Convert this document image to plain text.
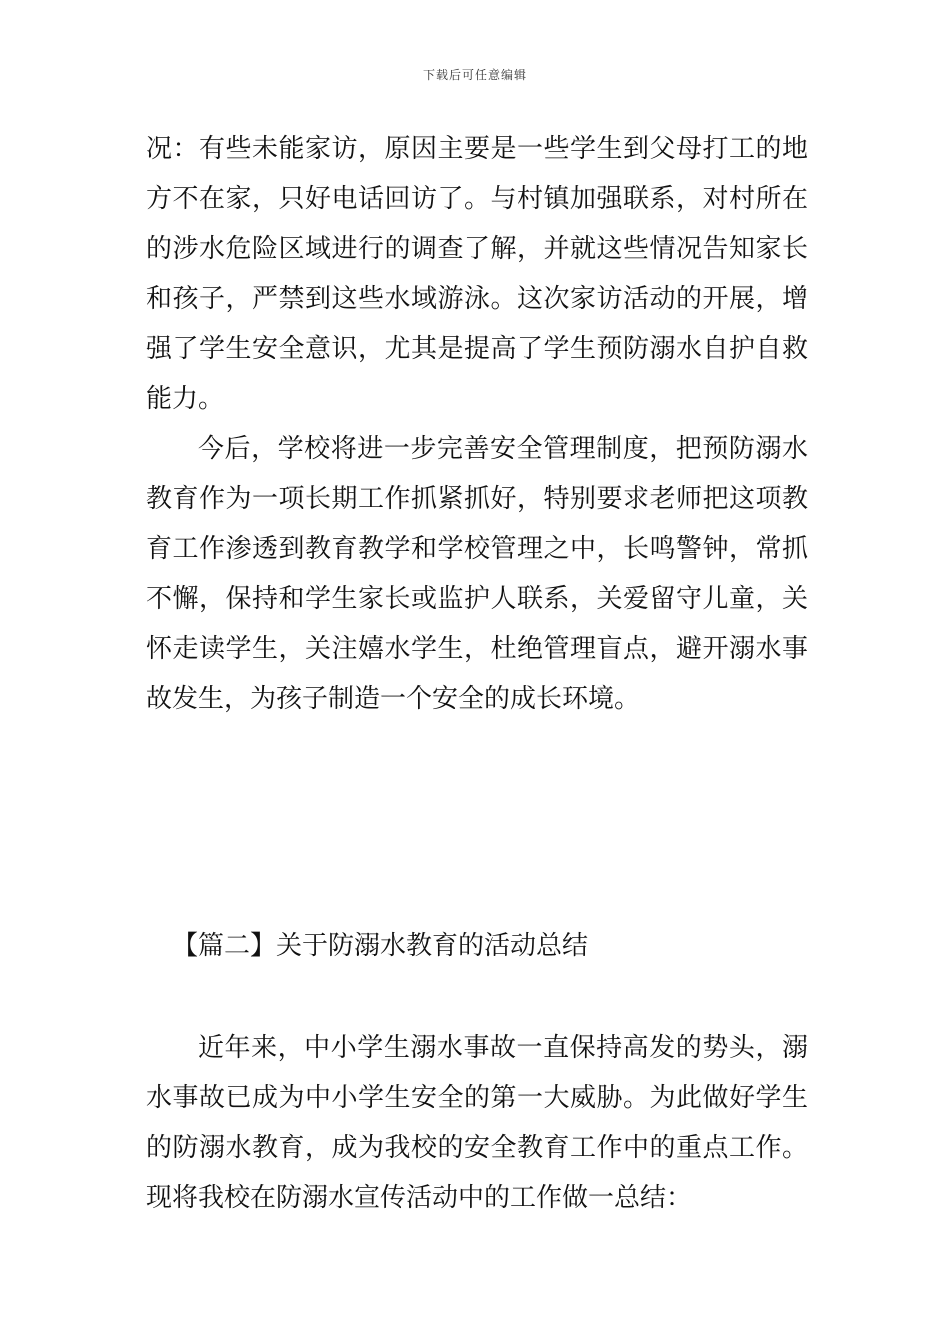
下载后可任意编辑

况：有些未能家访，原因主要是一些学生到父母打工的地方不在家，只好电话回访了。与村镇加强联系，对村所在的涉水危险区域进行的调查了解，并就这些情况告知家长和孩子，严禁到这些水域游泳。这次家访活动的开展，增强了学生安全意识，尤其是提高了学生预防溺水自护自救能力。

今后，学校将进一步完善安全管理制度，把预防溺水教育作为一项长期工作抓紧抓好，特别要求老师把这项教育工作渗透到教育教学和学校管理之中，长鸣警钟，常抓不懈，保持和学生家长或监护人联系，关爱留守儿童，关怀走读学生，关注嬉水学生，杜绝管理盲点，避开溺水事故发生，为孩子制造一个安全的成长环境。

【篇二】关于防溺水教育的活动总结

近年来，中小学生溺水事故一直保持高发的势头，溺水事故已成为中小学生安全的第一大威胁。为此做好学生的防溺水教育，成为我校的安全教育工作中的重点工作。现将我校在防溺水宣传活动中的工作做一总结：
